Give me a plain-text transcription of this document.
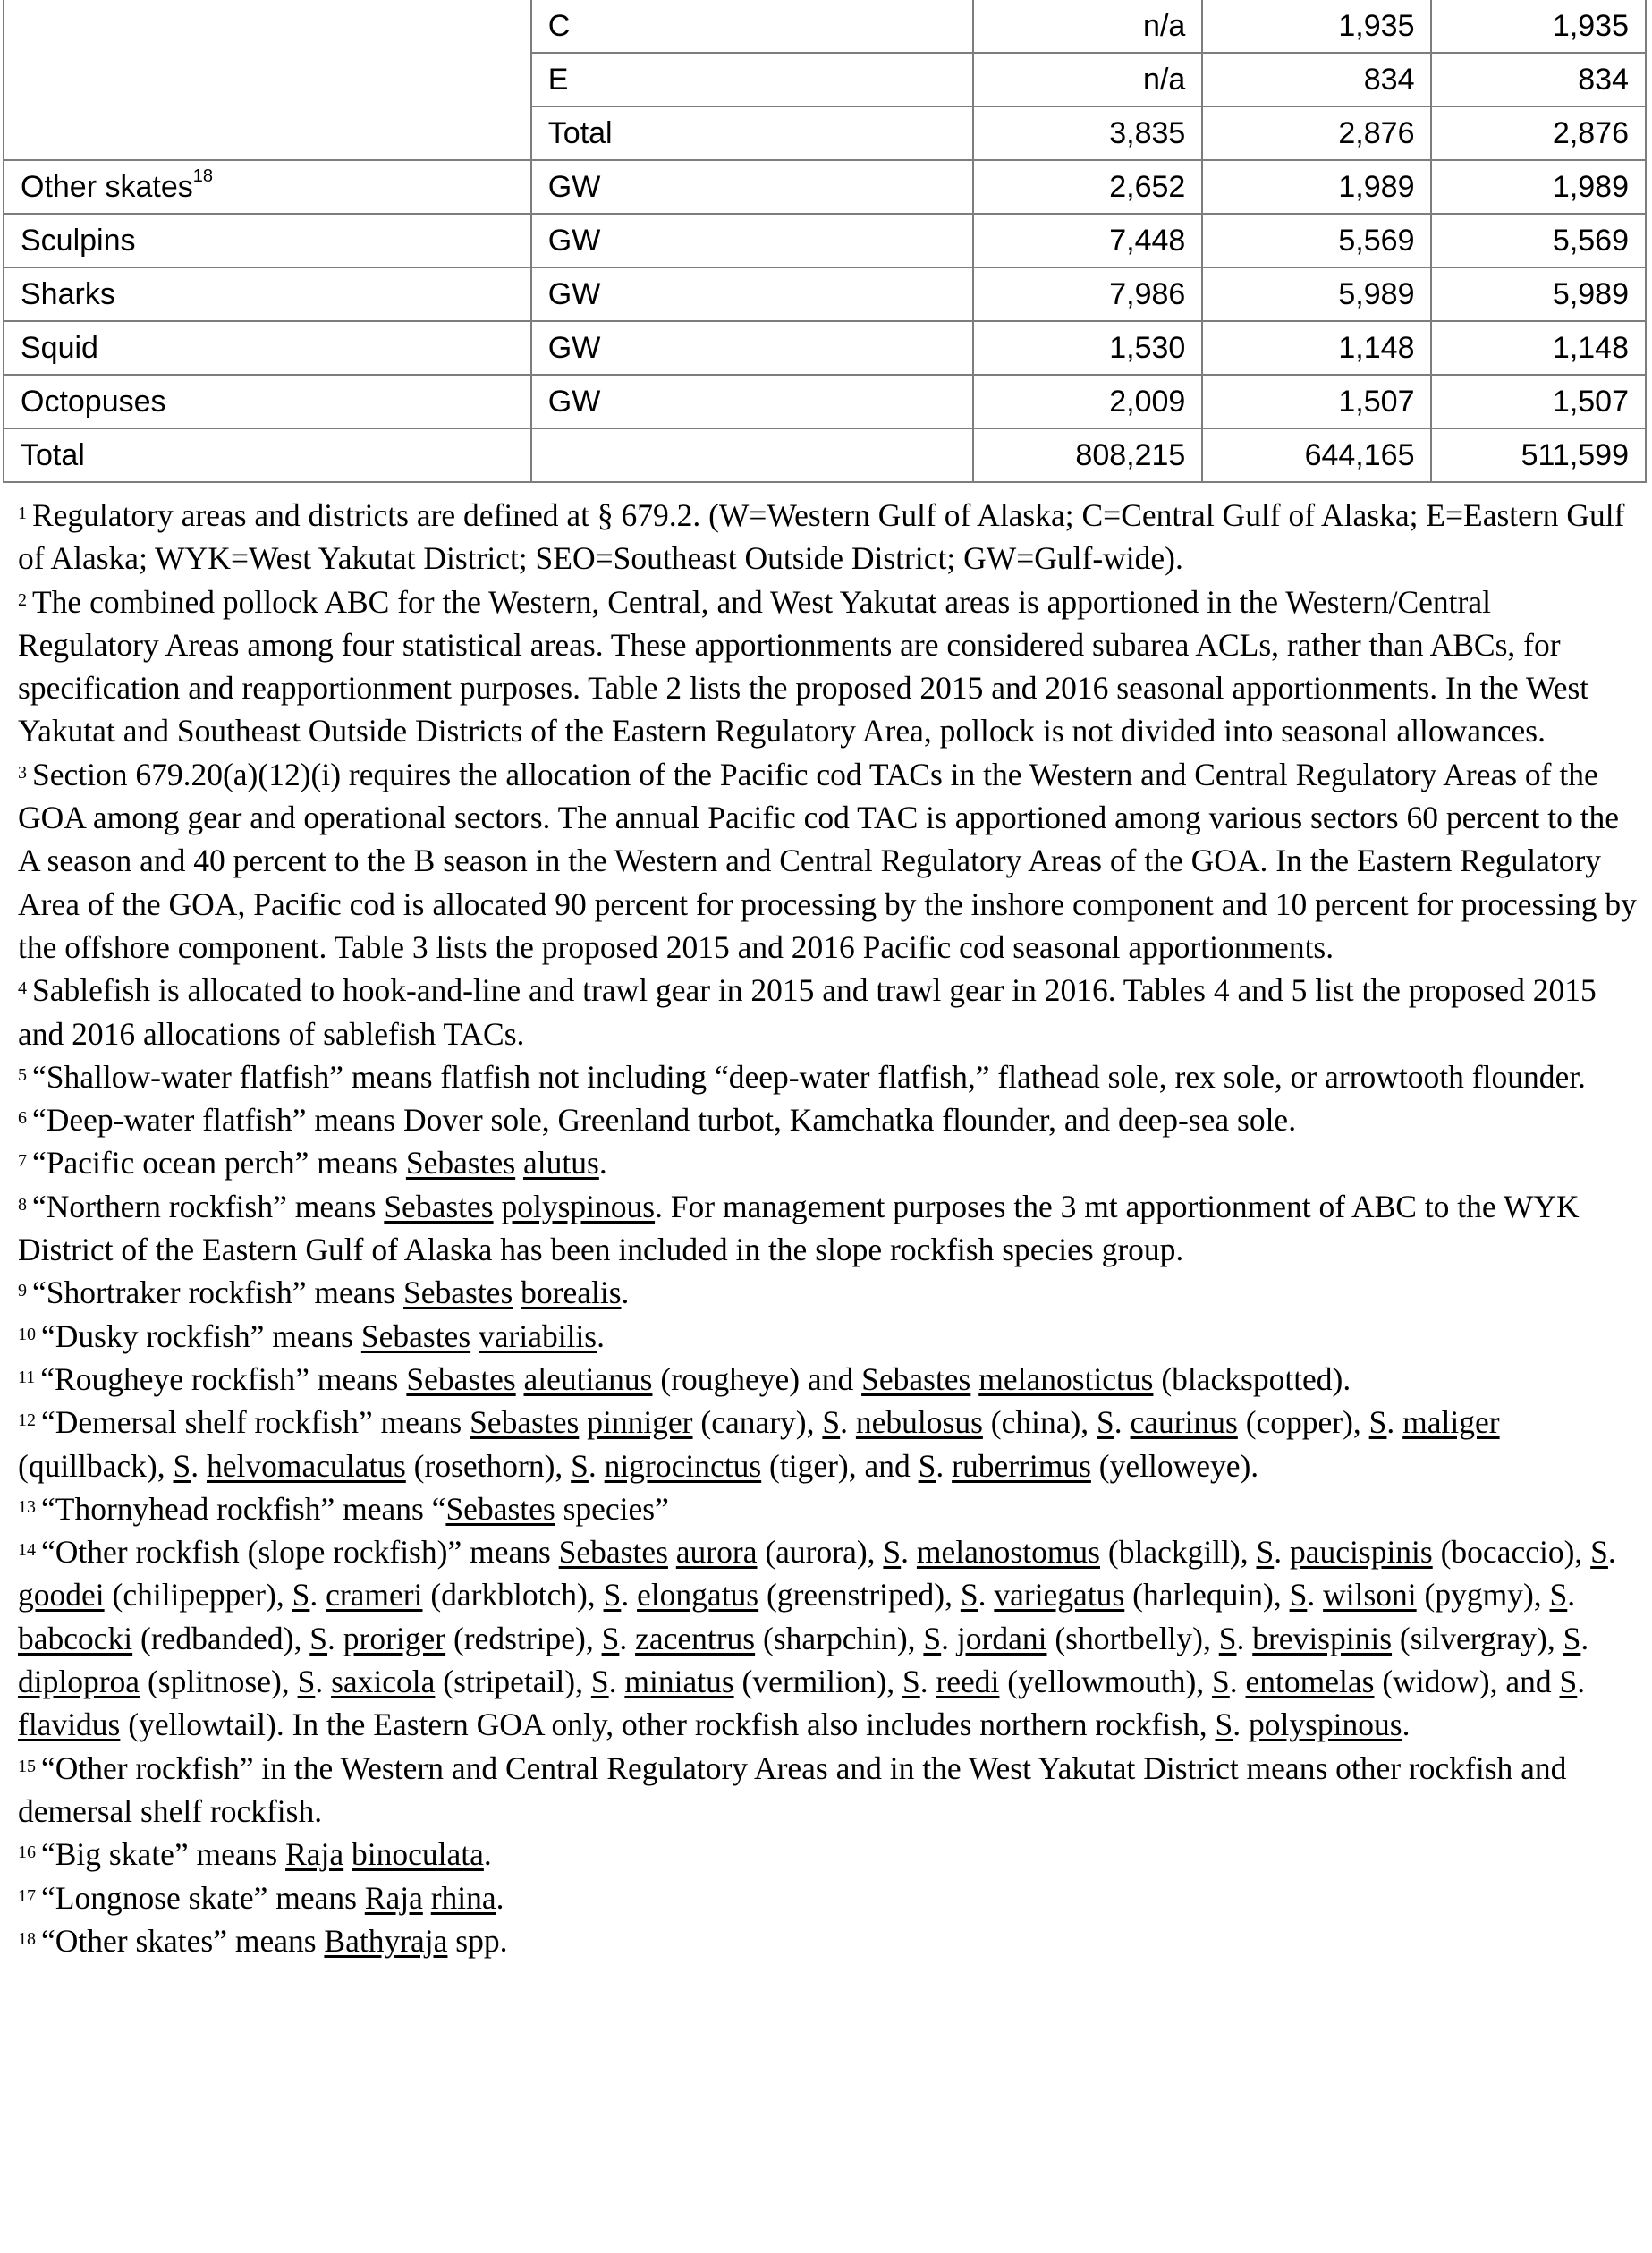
	C	n/a	1,935	1,935
	E	n/a	834	834
	Total	3,835	2,876	2,876
Other skates$^{18}$	GW	2,652	1,989	1,989
Sculpins	GW	7,448	5,569	5,569
Sharks	GW	7,986	5,989	5,989
Squid	GW	1,530	1,148	1,148
Octopuses	GW	2,009	1,507	1,507
Total		808,215	644,165	511,599

$^1$ Regulatory areas and districts are defined at § 679.2. (W=Western Gulf of Alaska; C=Central Gulf of Alaska; E=Eastern Gulf of Alaska; WYK=West Yakutat District; SEO=Southeast Outside District; GW=Gulf-wide).

$^2$ The combined pollock ABC for the Western, Central, and West Yakutat areas is apportioned in the Western/Central Regulatory Areas among four statistical areas. These apportionments are considered subarea ACLs, rather than ABCs, for specification and reapportionment purposes. Table 2 lists the proposed 2015 and 2016 seasonal apportionments. In the West Yakutat and Southeast Outside Districts of the Eastern Regulatory Area, pollock is not divided into seasonal allowances.

$^3$ Section 679.20(a)(12)(i) requires the allocation of the Pacific cod TACs in the Western and Central Regulatory Areas of the GOA among gear and operational sectors. The annual Pacific cod TAC is apportioned among various sectors 60 percent to the A season and 40 percent to the B season in the Western and Central Regulatory Areas of the GOA. In the Eastern Regulatory Area of the GOA, Pacific cod is allocated 90 percent for processing by the inshore component and 10 percent for processing by the offshore component. Table 3 lists the proposed 2015 and 2016 Pacific cod seasonal apportionments.

$^4$ Sablefish is allocated to hook-and-line and trawl gear in 2015 and trawl gear in 2016. Tables 4 and 5 list the proposed 2015 and 2016 allocations of sablefish TACs.

$^5$ “Shallow-water flatfish” means flatfish not including “deep-water flatfish,” flathead sole, rex sole, or arrowtooth flounder.

$^6$ “Deep-water flatfish” means Dover sole, Greenland turbot, Kamchatka flounder, and deep-sea sole.

$^7$ “Pacific ocean perch” means Sebastes alutus.

$^8$ “Northern rockfish” means Sebastes polyspinous. For management purposes the 3 mt apportionment of ABC to the WYK District of the Eastern Gulf of Alaska has been included in the slope rockfish species group.

$^9$ “Shortraker rockfish” means Sebastes borealis.

$^{10}$ “Dusky rockfish” means Sebastes variabilis.

$^{11}$ “Rougheye rockfish” means Sebastes aleutianus (rougheye) and Sebastes melanostictus (blackspotted).

$^{12}$ “Demersal shelf rockfish” means Sebastes pinniger (canary), S. nebulosus (china), S. caurinus (copper), S. maliger (quillback), S. helvomaculatus (rosethorn), S. nigrocinctus (tiger), and S. ruberrimus (yelloweye).

$^{13}$ “Thornyhead rockfish” means “Sebastes species”

$^{14}$ “Other rockfish (slope rockfish)” means Sebastes aurora (aurora), S. melanostomus (blackgill), S. paucispinis (bocaccio), S. goodei (chilipepper), S. crameri (darkblotch), S. elongatus (greenstriped), S. variegatus (harlequin), S. wilsoni (pygmy), S. babcocki (redbanded), S. proriger (redstripe), S. zacentrus (sharpchin), S. jordani (shortbelly), S. brevispinis (silvergray), S. diploproa (splitnose), S. saxicola (stripetail), S. miniatus (vermilion), S. reedi (yellowmouth), S. entomelas (widow), and S. flavidus (yellowtail). In the Eastern GOA only, other rockfish also includes northern rockfish, S. polyspinous.

$^{15}$ “Other rockfish” in the Western and Central Regulatory Areas and in the West Yakutat District means other rockfish and demersal shelf rockfish.

$^{16}$ “Big skate” means Raja binoculata.

$^{17}$ “Longnose skate” means Raja rhina.

$^{18}$ “Other skates” means Bathyraja spp.
